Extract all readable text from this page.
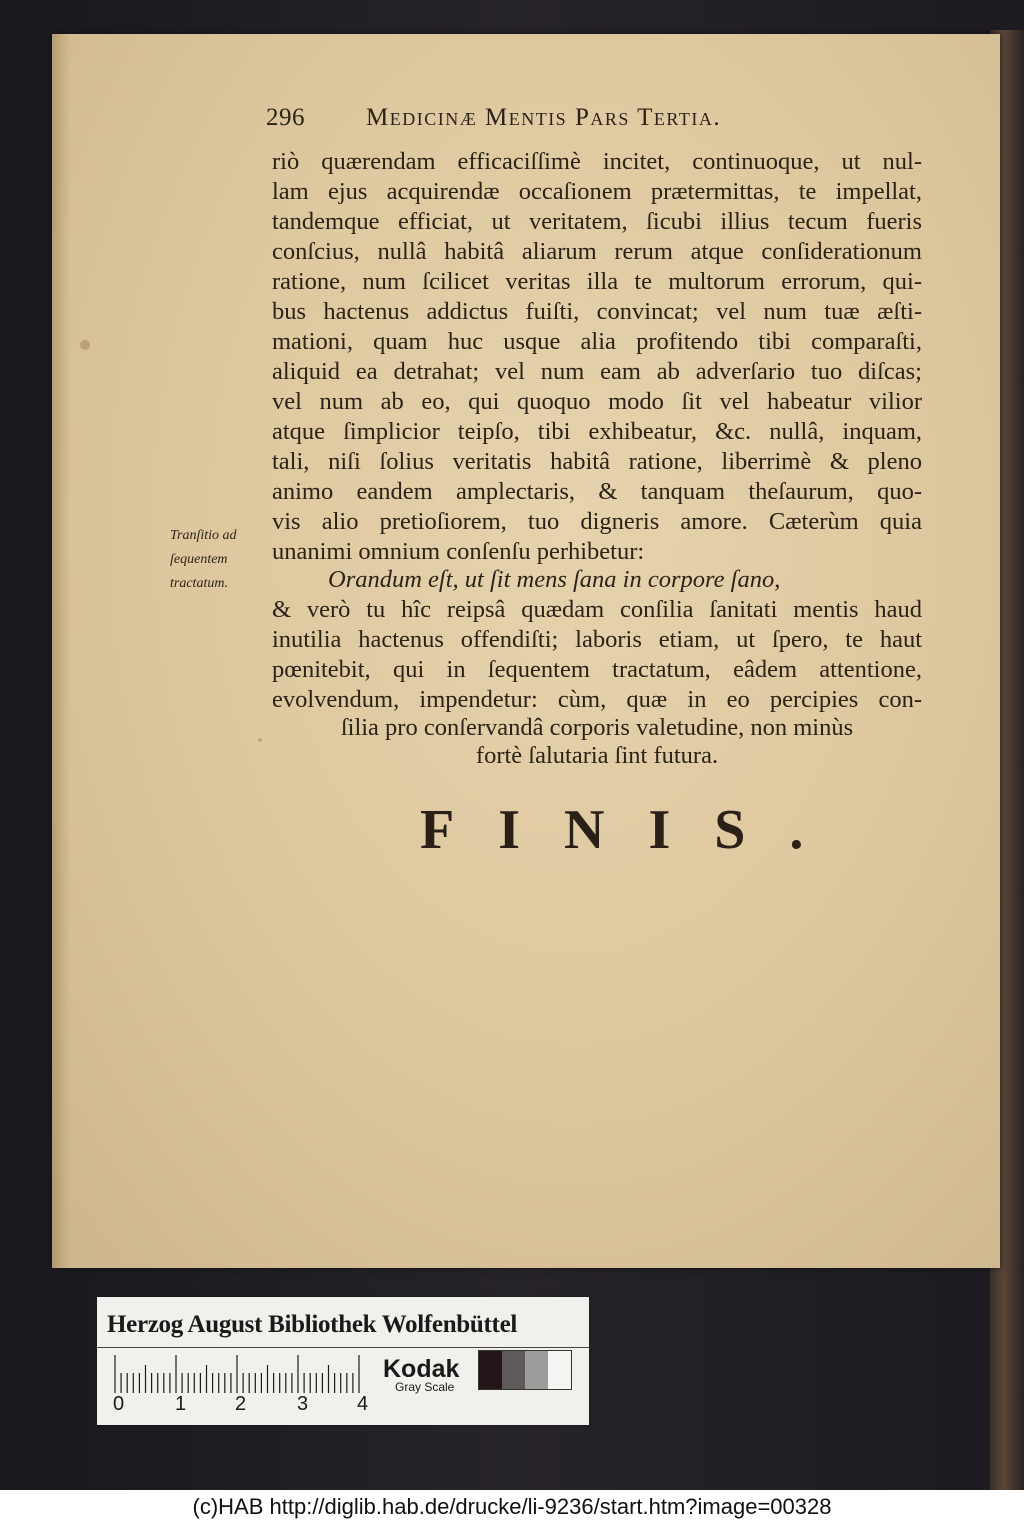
296 Medicinæ Mentis Pars Tertia.
riò quærendam efficaciſſimè incitet, continuoque, ut nul-
lam ejus acquirendæ occaſionem prætermittas, te impellat,
tandemque efficiat, ut veritatem, ſicubi illius tecum fueris
conſcius, nullâ habitâ aliarum rerum atque conſiderationum
ratione, num ſcilicet veritas illa te multorum errorum, qui-
bus hactenus addictus fuiſti, convincat; vel num tuæ æſti-
mationi, quam huc usque alia profitendo tibi comparaſti,
aliquid ea detrahat; vel num eam ab adverſario tuo diſcas;
vel num ab eo, qui quoquo modo ſit vel habeatur vilior
atque ſimplicior teipſo, tibi exhibeatur, &c. nullâ, inquam,
tali, niſi ſolius veritatis habitâ ratione, liberrimè & pleno
animo eandem amplectaris, & tanquam theſaurum, quo-
vis alio pretioſiorem, tuo digneris amore. Cæterùm quia
unanimi omnium conſenſu perhibetur:
Tranſitio ad
ſequentem
tractatum.	Orandum eſt, ut ſit mens ſana in corpore ſano,
& verò tu hîc reipsâ quædam conſilia ſanitati mentis haud
inutilia hactenus offendiſti; laboris etiam, ut ſpero, te haut
pœnitebit, qui in ſequentem tractatum, eâdem attentione,
evolvendum, impendetur: cùm, quæ in eo percipies con-
ſilia pro conſervandâ corporis valetudine, non minùs
fortè ſalutaria ſint futura.
FINIS.
Herzog August Bibliothek Wolfenbüttel
0	1 2	3 4
Kodak
Gray Scale
(c)HAB http://diglib.hab.de/drucke/li-9236/start.htm?image=00328
